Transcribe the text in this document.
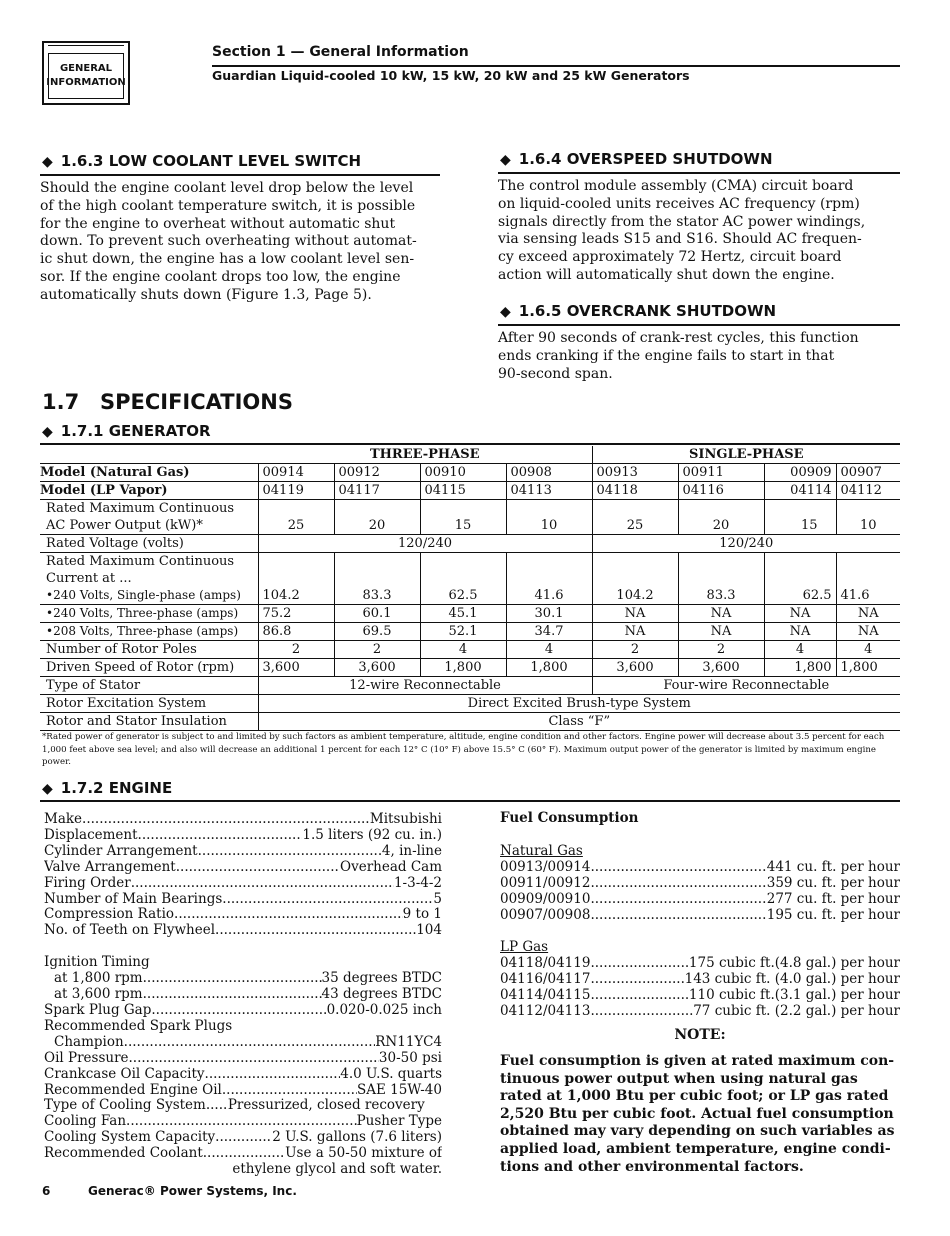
GENERAL
INFORMATION
Section 1 — General Information
Guardian Liquid-cooled 10 kW, 15 kW, 20 kW and 25 kW Generators
◆ 1.6.3 LOW COOLANT LEVEL SWITCH
Should the engine coolant level drop below the level
of the high coolant temperature switch, it is possible
for the engine to overheat without automatic shut
down. To prevent such overheating without automat-
ic shut down, the engine has a low coolant level sen-
sor. If the engine coolant drops too low, the engine
automatically shuts down (Figure 1.3, Page 5).
◆ 1.6.4 OVERSPEED SHUTDOWN
The control module assembly (CMA) circuit board
on liquid-cooled units receives AC frequency (rpm)
signals directly from the stator AC power windings,
via sensing leads S15 and S16. Should AC frequen-
cy exceed approximately 72 Hertz, circuit board
action will automatically shut down the engine.
◆ 1.6.5 OVERCRANK SHUTDOWN
After 90 seconds of crank-rest cycles, this function
ends cranking if the engine fails to start in that
90-second span.
1.7 SPECIFICATIONS
◆ 1.7.1 GENERATOR
	THREE-PHASE				SINGLE-PHASE			
Model (Natural Gas)	00914	00912	00910	00908	00913	00911	00909	00907
Model (LP Vapor)	04119	04117	04115	04113	04118	04116	04114	04112

Rated Maximum Continuous
AC Power Output (kW)*	25	20	15	10	25	20	15	10
Rated Voltage (volts)	120/240				120/240			

Rated Maximum Continuous
Current at ...								

•240 Volts, Single-phase (amps)	104.2	83.3	62.5	41.6	104.2	83.3	62.5	41.6
•240 Volts, Three-phase (amps)	75.2	60.1	45.1	30.1	NA	NA	NA	NA
•208 Volts, Three-phase (amps)	86.8	69.5	52.1	34.7	NA	NA	NA	NA
Number of Rotor Poles	2	2	4	4	2	2	4	4
Driven Speed of Rotor (rpm)	3,600	3,600	1,800	1,800	3,600	3,600	1,800	1,800
Type of Stator	12-wire Reconnectable				Four-wire Reconnectable			
Rotor Excitation System	Direct Excited Brush-type System							
Rotor and Stator Insulation	Class “F”							
*Rated power of generator is subject to and limited by such factors as ambient temperature, altitude, engine condition and other factors. Engine power will decrease about 3.5 percent for each 1,000 feet above sea level; and also will decrease an additional 1 percent for each 12° C (10° F) above 15.5° C (60° F). Maximum output power of the generator is limited by maximum engine power.
◆ 1.7.2 ENGINE
Make .....	Mitsubishi
Displacement .....	1.5 liters (92 cu. in.)
Cylinder Arrangement .....	4, in-line
Valve Arrangement .....	Overhead Cam
Firing Order .....	1-3-4-2
Number of Main Bearings .....	5
Compression Ratio .....	9 to 1
No. of Teeth on Flywheel .....	104
Ignition Timing
at 1,800 rpm .....	35 degrees BTDC
at 3,600 rpm .....	43 degrees BTDC
Spark Plug Gap .....	0.020-0.025 inch
Recommended Spark Plugs
Champion .....	RN11YC4
Oil Pressure .....	30-50 psi
Crankcase Oil Capacity .....	4.0 U.S. quarts
Recommended Engine Oil .....	SAE 15W-40
Type of Cooling System ..... Pressurized, closed recovery
Cooling Fan .....	Pusher Type
Cooling System Capacity .....	2 U.S. gallons (7.6 liters)
Recommended Coolant .....	Use a 50-50 mixture of
ethylene glycol and soft water.
Fuel Consumption
Natural Gas
00913/00914 .....	441 cu. ft. per hour
00911/00912 .....	359 cu. ft. per hour
00909/00910 .....	277 cu. ft. per hour
00907/00908 .....	195 cu. ft. per hour
LP Gas
04118/04119 .....	175 cubic ft.(4.8 gal.) per hour
04116/04117 .....	143 cubic ft. (4.0 gal.) per hour
04114/04115 .....	110 cubic ft.(3.1 gal.) per hour
04112/04113 .....	77 cubic ft. (2.2 gal.) per hour
NOTE:
Fuel consumption is given at rated maximum con-
tinuous power output when using natural gas
rated at 1,000 Btu per cubic foot; or LP gas rated
2,520 Btu per cubic foot. Actual fuel consumption
obtained may vary depending on such variables as
applied load, ambient temperature, engine condi-
tions and other environmental factors.
6	Generac® Power Systems, Inc.
